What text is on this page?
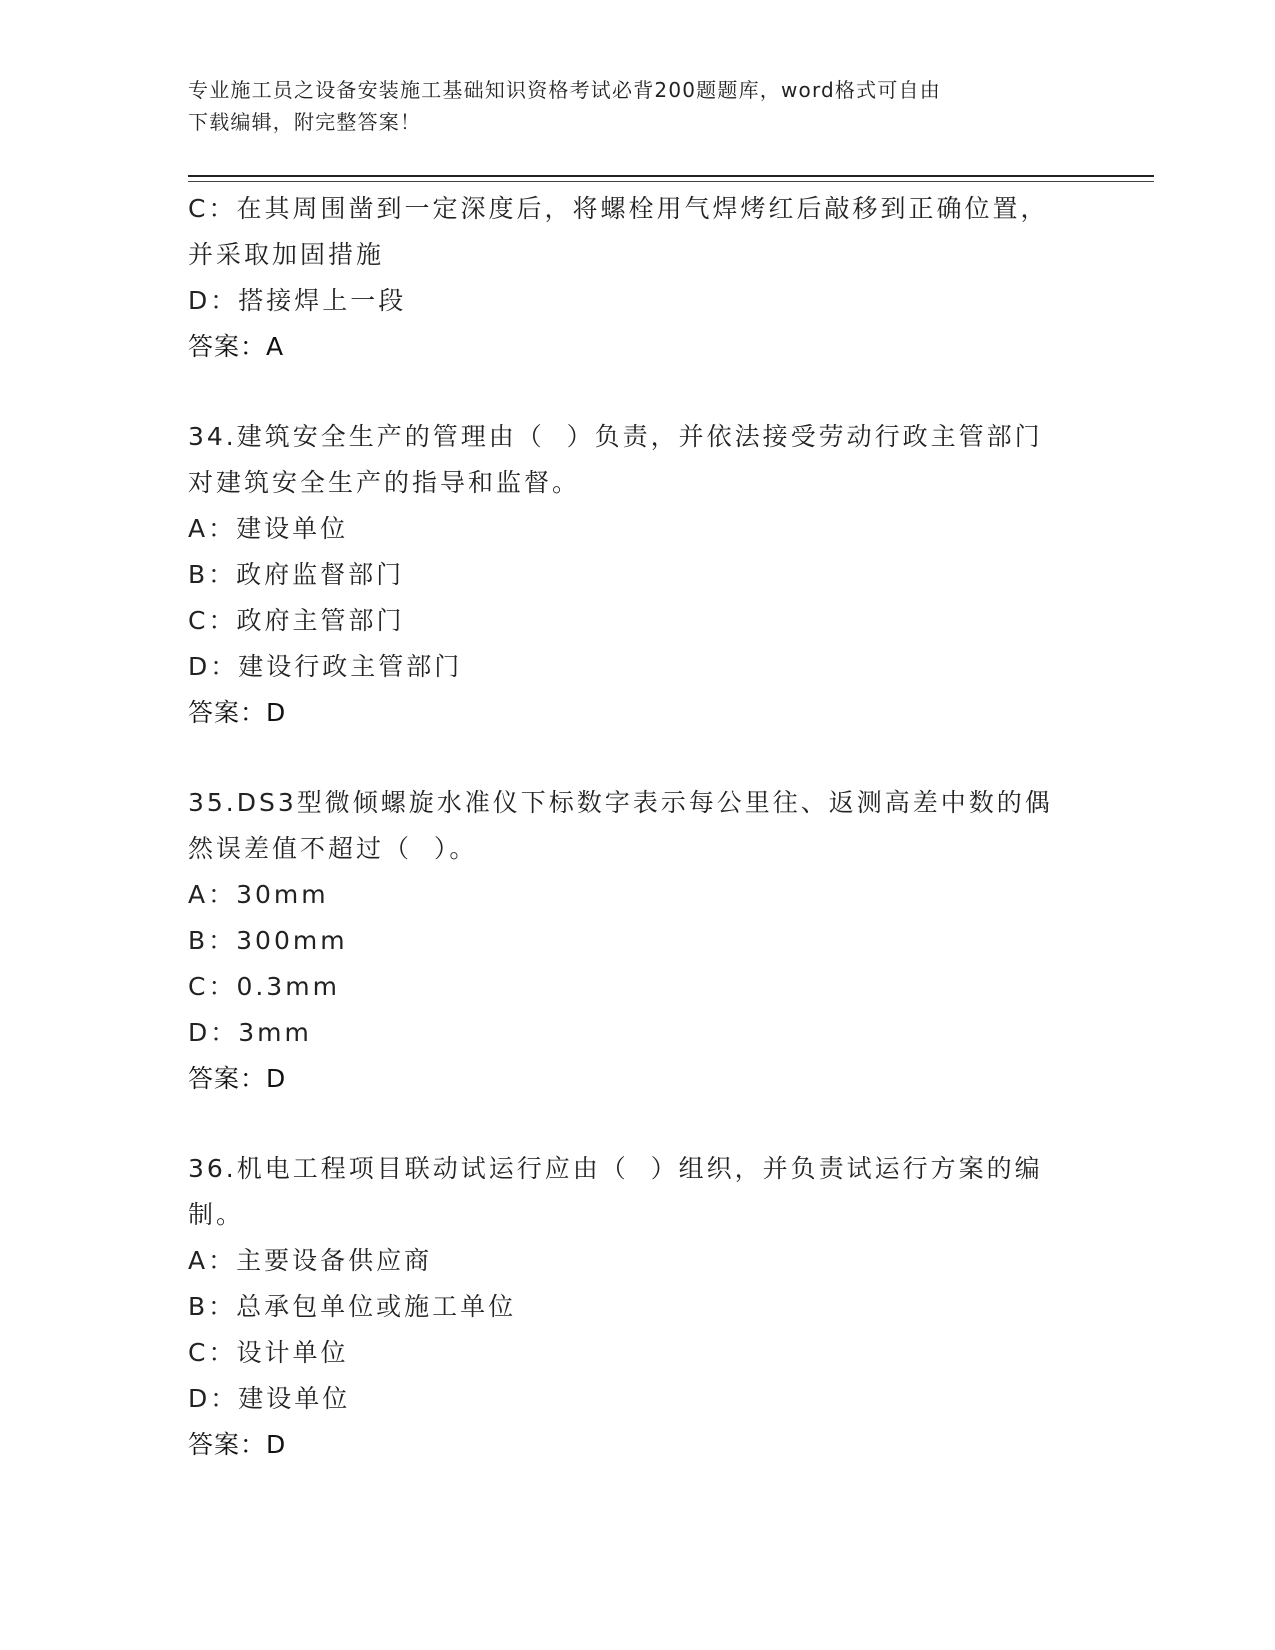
专业施工员之设备安装施工基础知识资格考试必背200题题库，word格式可自由
下载编辑，附完整答案！
C：在其周围凿到一定深度后，将螺栓用气焊烤红后敲移到正确位置，
并采取加固措施
D：搭接焊上一段
答案：A
34.建筑安全生产的管理由（  ）负责，并依法接受劳动行政主管部门
对建筑安全生产的指导和监督。
A：建设单位
B：政府监督部门
C：政府主管部门
D：建设行政主管部门
答案：D
35.DS3型微倾螺旋水准仪下标数字表示每公里往、返测高差中数的偶
然误差值不超过（  ）。
A：30mm
B：300mm
C：0.3mm
D：3mm
答案：D
36.机电工程项目联动试运行应由（  ）组织，并负责试运行方案的编
制。
A：主要设备供应商
B：总承包单位或施工单位
C：设计单位
D：建设单位
答案：D
